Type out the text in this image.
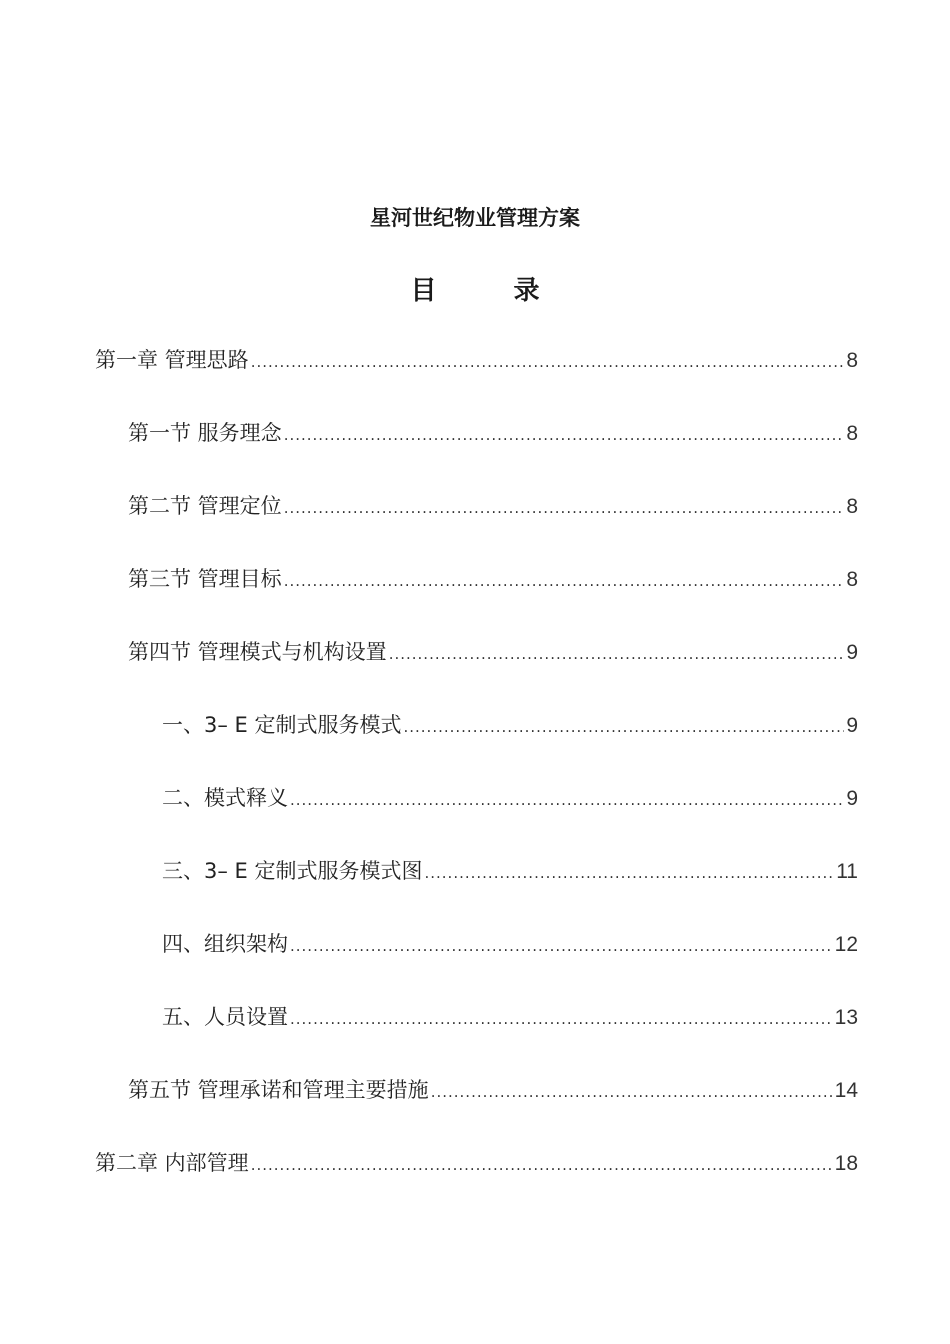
星河世纪物业管理方案
目 录
第一章 管理思路 .....	8
第一节 服务理念 .....	8
第二节 管理定位 .....	8
第三节 管理目标 .....	8
第四节 管理模式与机构设置 .....	9
一、3– E 定制式服务模式 .....	9
二、模式释义 .....	9
三、3– E 定制式服务模式图 .....	11
四、组织架构 .....	12
五、人员设置 .....	13
第五节 管理承诺和管理主要措施 .....	14
第二章 内部管理 .....	18
